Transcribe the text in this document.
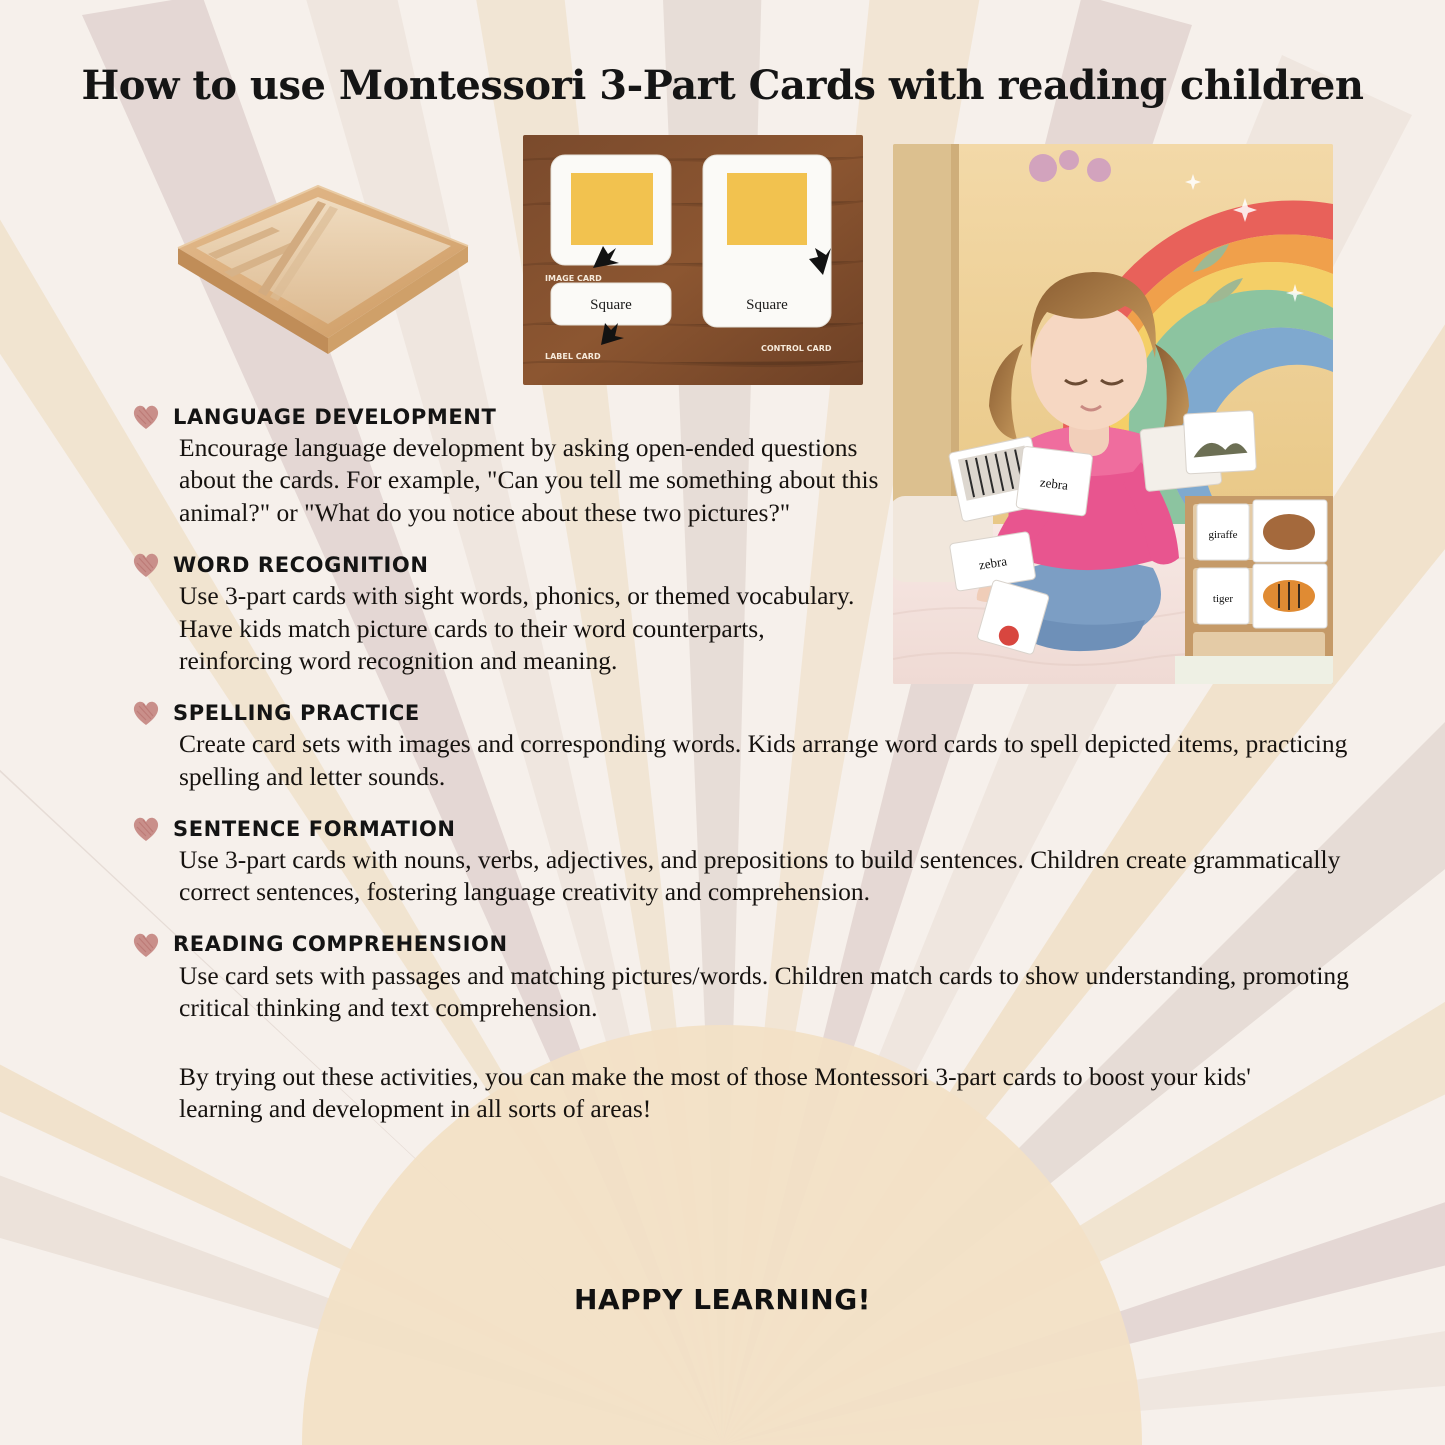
How to use Montessori 3-Part Cards with reading children
Square	Square
IMAGE CARD
LABEL CARD
CONTROL CARD
zebra
zebra
giraffe
tiger
LANGUAGE DEVELOPMENT
Encourage language development by asking open-ended questions about the cards. For example, "Can you tell me something about this animal?" or "What do you notice about these two pictures?"
WORD RECOGNITION
Use 3-part cards with sight words, phonics, or themed vocabulary. Have kids match picture cards to their word counterparts, reinforcing word recognition and meaning.
SPELLING PRACTICE
Create card sets with images and corresponding words. Kids arrange word cards to spell depicted items, practicing spelling and letter sounds.
SENTENCE FORMATION
Use 3-part cards with nouns, verbs, adjectives, and prepositions to build sentences. Children create grammatically correct sentences, fostering language creativity and comprehension.
READING COMPREHENSION
Use card sets with passages and matching pictures/words. Children match cards to show understanding, promoting critical thinking and text comprehension.
By trying out these activities, you can make the most of those Montessori 3-part cards to boost your kids' learning and development in all sorts of areas!
HAPPY LEARNING!
